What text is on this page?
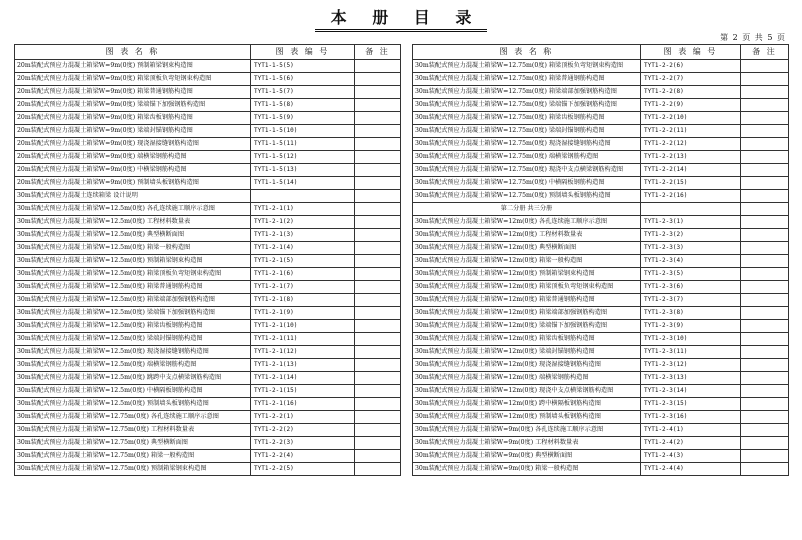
本 册 目 录
第 2 页 共 5 页
图 表 名 称	图 表 编 号	备 注
20m装配式预应力混凝土箱梁W=9m(0度) 预制箱梁钢束构造图	TYT1-1-5(5)	
20m装配式预应力混凝土箱梁W=9m(0度) 箱梁顶板负弯矩钢束构造图	TYT1-1-5(6)	
20m装配式预应力混凝土箱梁W=9m(0度) 箱梁普通钢筋构造图	TYT1-1-5(7)	
20m装配式预应力混凝土箱梁W=9m(0度) 梁端锚下加强钢筋构造图	TYT1-1-5(8)	
20m装配式预应力混凝土箱梁W=9m(0度) 箱梁齿板钢筋构造图	TYT1-1-5(9)	
20m装配式预应力混凝土箱梁W=9m(0度) 梁端封锚钢筋构造图	TYT1-1-5(10)	
20m装配式预应力混凝土箱梁W=9m(0度) 现浇湿接缝钢筋构造图	TYT1-1-5(11)	
20m装配式预应力混凝土箱梁W=9m(0度) 端横梁钢筋构造图	TYT1-1-5(12)	
20m装配式预应力混凝土箱梁W=9m(0度) 中横梁钢筋构造图	TYT1-1-5(13)	
20m装配式预应力混凝土箱梁W=9m(0度) 预制墙头板钢筋构造图	TYT1-1-5(14)	
30m装配式预应力混凝土连续箱梁 设计说明		
30m装配式预应力混凝土箱梁W=12.5m(0度) 各孔连续施工顺序示意图	TYT1-2-1(1)	
30m装配式预应力混凝土箱梁W=12.5m(0度) 工程材料数量表	TYT1-2-1(2)	
30m装配式预应力混凝土箱梁W=12.5m(0度) 典型横断面图	TYT1-2-1(3)	
30m装配式预应力混凝土箱梁W=12.5m(0度) 箱梁一般构造图	TYT1-2-1(4)	
30m装配式预应力混凝土箱梁W=12.5m(0度) 预制箱梁钢束构造图	TYT1-2-1(5)	
30m装配式预应力混凝土箱梁W=12.5m(0度) 箱梁顶板负弯矩钢束构造图	TYT1-2-1(6)	
30m装配式预应力混凝土箱梁W=12.5m(0度) 箱梁普通钢筋构造图	TYT1-2-1(7)	
30m装配式预应力混凝土箱梁W=12.5m(0度) 箱梁端部加强钢筋构造图	TYT1-2-1(8)	
30m装配式预应力混凝土箱梁W=12.5m(0度) 梁端锚下加强钢筋构造图	TYT1-2-1(9)	
30m装配式预应力混凝土箱梁W=12.5m(0度) 箱梁齿板钢筋构造图	TYT1-2-1(10)	
30m装配式预应力混凝土箱梁W=12.5m(0度) 梁端封锚钢筋构造图	TYT1-2-1(11)	
30m装配式预应力混凝土箱梁W=12.5m(0度) 现浇湿接缝钢筋构造图	TYT1-2-1(12)	
30m装配式预应力混凝土箱梁W=12.5m(0度) 端横梁钢筋构造图	TYT1-2-1(13)	
30m装配式预应力混凝土箱梁W=12.5m(0度) 跳跨中支点横梁钢筋构造图	TYT1-2-1(14)	
30m装配式预应力混凝土箱梁W=12.5m(0度) 中横隔板钢筋构造图	TYT1-2-1(15)	
30m装配式预应力混凝土箱梁W=12.5m(0度) 预制墙头板钢筋构造图	TYT1-2-1(16)	
30m装配式预应力混凝土箱梁W=12.75m(0度) 各孔连续施工顺序示意图	TYT1-2-2(1)	
30m装配式预应力混凝土箱梁W=12.75m(0度) 工程材料数量表	TYT1-2-2(2)	
30m装配式预应力混凝土箱梁W=12.75m(0度) 典型横断面图	TYT1-2-2(3)	
30m装配式预应力混凝土箱梁W=12.75m(0度) 箱梁一般构造图	TYT1-2-2(4)	
30m装配式预应力混凝土箱梁W=12.75m(0度) 预制箱梁钢束构造图	TYT1-2-2(5)	
图 表 名 称	图 表 编 号	备 注
30m装配式预应力混凝土箱梁W=12.75m(0度) 箱梁顶板负弯矩钢束构造图	TYT1-2-2(6)	
30m装配式预应力混凝土箱梁W=12.75m(0度) 箱梁普通钢筋构造图	TYT1-2-2(7)	
30m装配式预应力混凝土箱梁W=12.75m(0度) 箱梁端部加强钢筋构造图	TYT1-2-2(8)	
30m装配式预应力混凝土箱梁W=12.75m(0度) 梁端锚下加强钢筋构造图	TYT1-2-2(9)	
30m装配式预应力混凝土箱梁W=12.75m(0度) 箱梁齿板钢筋构造图	TYT1-2-2(10)	
30m装配式预应力混凝土箱梁W=12.75m(0度) 梁端封锚钢筋构造图	TYT1-2-2(11)	
30m装配式预应力混凝土箱梁W=12.75m(0度) 现浇湿接缝钢筋构造图	TYT1-2-2(12)	
30m装配式预应力混凝土箱梁W=12.75m(0度) 端横梁钢筋构造图	TYT1-2-2(13)	
30m装配式预应力混凝土箱梁W=12.75m(0度) 现浇中支点横梁钢筋构造图	TYT1-2-2(14)	
30m装配式预应力混凝土箱梁W=12.75m(0度) 中横隔板钢筋构造图	TYT1-2-2(15)	
30m装配式预应力混凝土箱梁W=12.75m(0度) 预制墙头板钢筋构造图	TYT1-2-2(16)	
第二分册 共三分册		
30m装配式预应力混凝土箱梁W=12m(0度) 各孔连续施工顺序示意图	TYT1-2-3(1)	
30m装配式预应力混凝土箱梁W=12m(0度) 工程材料数量表	TYT1-2-3(2)	
30m装配式预应力混凝土箱梁W=12m(0度) 典型横断面图	TYT1-2-3(3)	
30m装配式预应力混凝土箱梁W=12m(0度) 箱梁一般构造图	TYT1-2-3(4)	
30m装配式预应力混凝土箱梁W=12m(0度) 预制箱梁钢束构造图	TYT1-2-3(5)	
30m装配式预应力混凝土箱梁W=12m(0度) 箱梁顶板负弯矩钢束构造图	TYT1-2-3(6)	
30m装配式预应力混凝土箱梁W=12m(0度) 箱梁普通钢筋构造图	TYT1-2-3(7)	
30m装配式预应力混凝土箱梁W=12m(0度) 箱梁端部加强钢筋构造图	TYT1-2-3(8)	
30m装配式预应力混凝土箱梁W=12m(0度) 梁端锚下加强钢筋构造图	TYT1-2-3(9)	
30m装配式预应力混凝土箱梁W=12m(0度) 箱梁齿板钢筋构造图	TYT1-2-3(10)	
30m装配式预应力混凝土箱梁W=12m(0度) 梁端封锚钢筋构造图	TYT1-2-3(11)	
30m装配式预应力混凝土箱梁W=12m(0度) 现浇湿接缝钢筋构造图	TYT1-2-3(12)	
30m装配式预应力混凝土箱梁W=12m(0度) 端横梁钢筋构造图	TYT1-2-3(13)	
30m装配式预应力混凝土箱梁W=12m(0度) 现浇中支点横梁钢筋构造图	TYT1-2-3(14)	
30m装配式预应力混凝土箱梁W=12m(0度) 跨中横隔板钢筋构造图	TYT1-2-3(15)	
30m装配式预应力混凝土箱梁W=12m(0度) 预制墙头板钢筋构造图	TYT1-2-3(16)	
30m装配式预应力混凝土箱梁W=9m(0度) 各孔连续施工顺序示意图	TYT1-2-4(1)	
30m装配式预应力混凝土箱梁W=9m(0度) 工程材料数量表	TYT1-2-4(2)	
30m装配式预应力混凝土箱梁W=9m(0度) 典型横断面图	TYT1-2-4(3)	
30m装配式预应力混凝土箱梁W=9m(0度) 箱梁一般构造图	TYT1-2-4(4)	
